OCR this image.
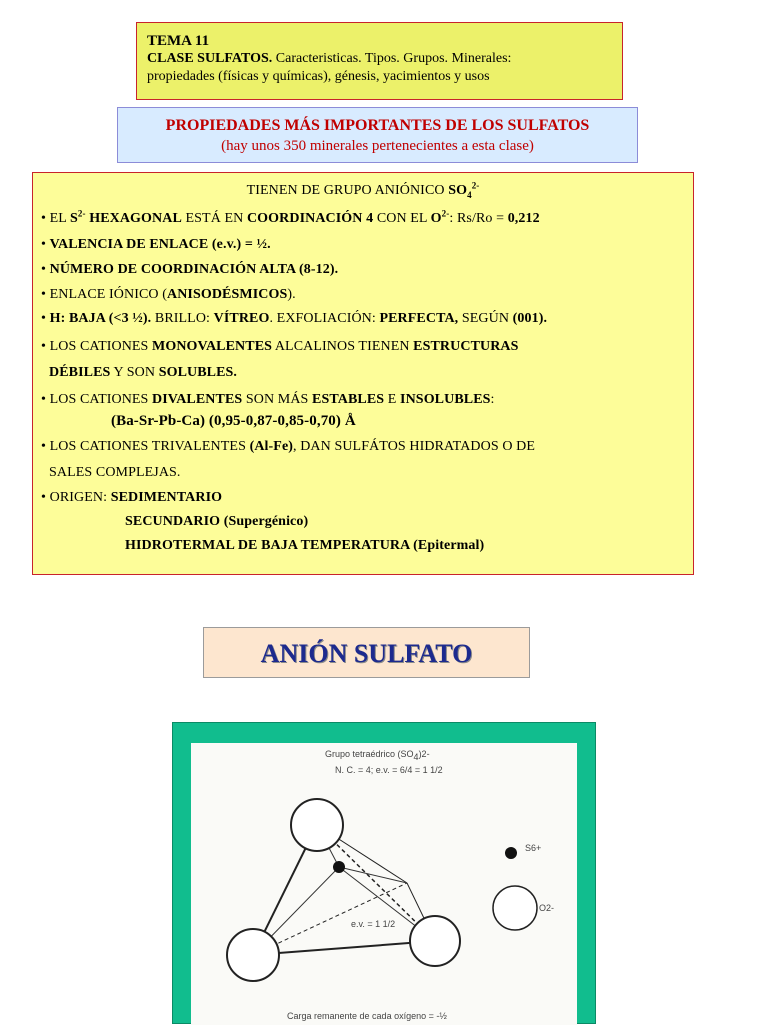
TEMA 11
CLASE SULFATOS. Caracteristicas. Tipos. Grupos. Minerales:
propiedades (físicas y químicas), génesis, yacimientos y usos
PROPIEDADES MÁS IMPORTANTES DE LOS SULFATOS
(hay unos 350 minerales pertenecientes a esta clase)
TIENEN DE GRUPO ANIÓNICO $SO_4^{2-}$
• EL $S^{2-}$ HEXAGONAL ESTÁ EN COORDINACIÓN 4 CON EL $O^{2-}$: Rs/Ro = 0,212
• VALENCIA DE ENLACE (e.v.) = ½.
• NÚMERO DE COORDINACIÓN ALTA (8-12).
• ENLACE IÓNICO (ANISODÉSMICOS).
• H: BAJA (<3 ½). BRILLO: VÍTREO. EXFOLIACIÓN: PERFECTA, SEGÚN (001).
• LOS CATIONES MONOVALENTES ALCALINOS TIENEN ESTRUCTURAS
DÉBILES Y SON SOLUBLES.
• LOS CATIONES DIVALENTES SON MÁS ESTABLES E INSOLUBLES:
(Ba-Sr-Pb-Ca) (0,95-0,87-0,85-0,70) Å
• LOS CATIONES TRIVALENTES (Al-Fe), DAN SULFÁTOS HIDRATADOS O DE
SALES COMPLEJAS.
• ORIGEN: SEDIMENTARIO
SECUNDARIO (Supergénico)
HIDROTERMAL DE BAJA TEMPERATURA (Epitermal)
ANIÓN SULFATO
Grupo tetraédrico $(SO_4)2-$
N. C. = 4; e.v. = 6/4 = 1 1/2
S6+
O2-
e.v. = 1 1/2
Carga remanente de cada oxígeno = -½
